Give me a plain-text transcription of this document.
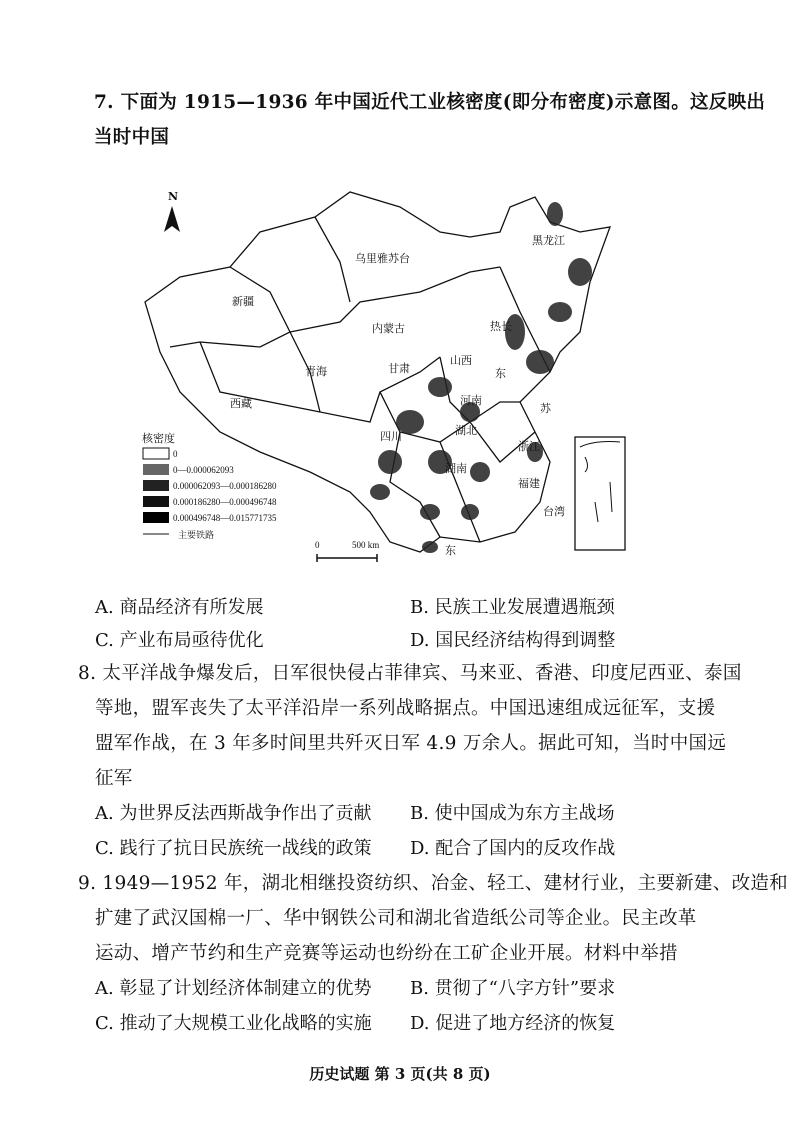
7. 下面为 1915—1936 年中国近代工业核密度(即分布密度)示意图。这反映出
当时中国
N
乌里雅苏台
新疆
内蒙古
青海	甘肃
西藏
黑龙江
热长
山西
河南
四川	湖北
湖南
浙江
福建
东
台湾
苏
东
核密度
0
0—0.000062093
0.000062093—0.000186280
0.000186280—0.000496748
0.000496748—0.015771735
主要铁路
0	500 km
A. 商品经济有所发展	B. 民族工业发展遭遇瓶颈
C. 产业布局亟待优化	D. 国民经济结构得到调整
8. 太平洋战争爆发后，日军很快侵占菲律宾、马来亚、香港、印度尼西亚、泰国
等地，盟军丧失了太平洋沿岸一系列战略据点。中国迅速组成远征军，支援
盟军作战，在 3 年多时间里共歼灭日军 4.9 万余人。据此可知，当时中国远
征军
A. 为世界反法西斯战争作出了贡献 B. 使中国成为东方主战场
C. 践行了抗日民族统一战线的政策 D. 配合了国内的反攻作战
9. 1949—1952 年，湖北相继投资纺织、冶金、轻工、建材行业，主要新建、改造和
扩建了武汉国棉一厂、华中钢铁公司和湖北省造纸公司等企业。民主改革
运动、增产节约和生产竞赛等运动也纷纷在工矿企业开展。材料中举措
A. 彰显了计划经济体制建立的优势 B. 贯彻了“八字方针”要求
C. 推动了大规模工业化战略的实施 D. 促进了地方经济的恢复
历史试题 第 3 页(共 8 页)
